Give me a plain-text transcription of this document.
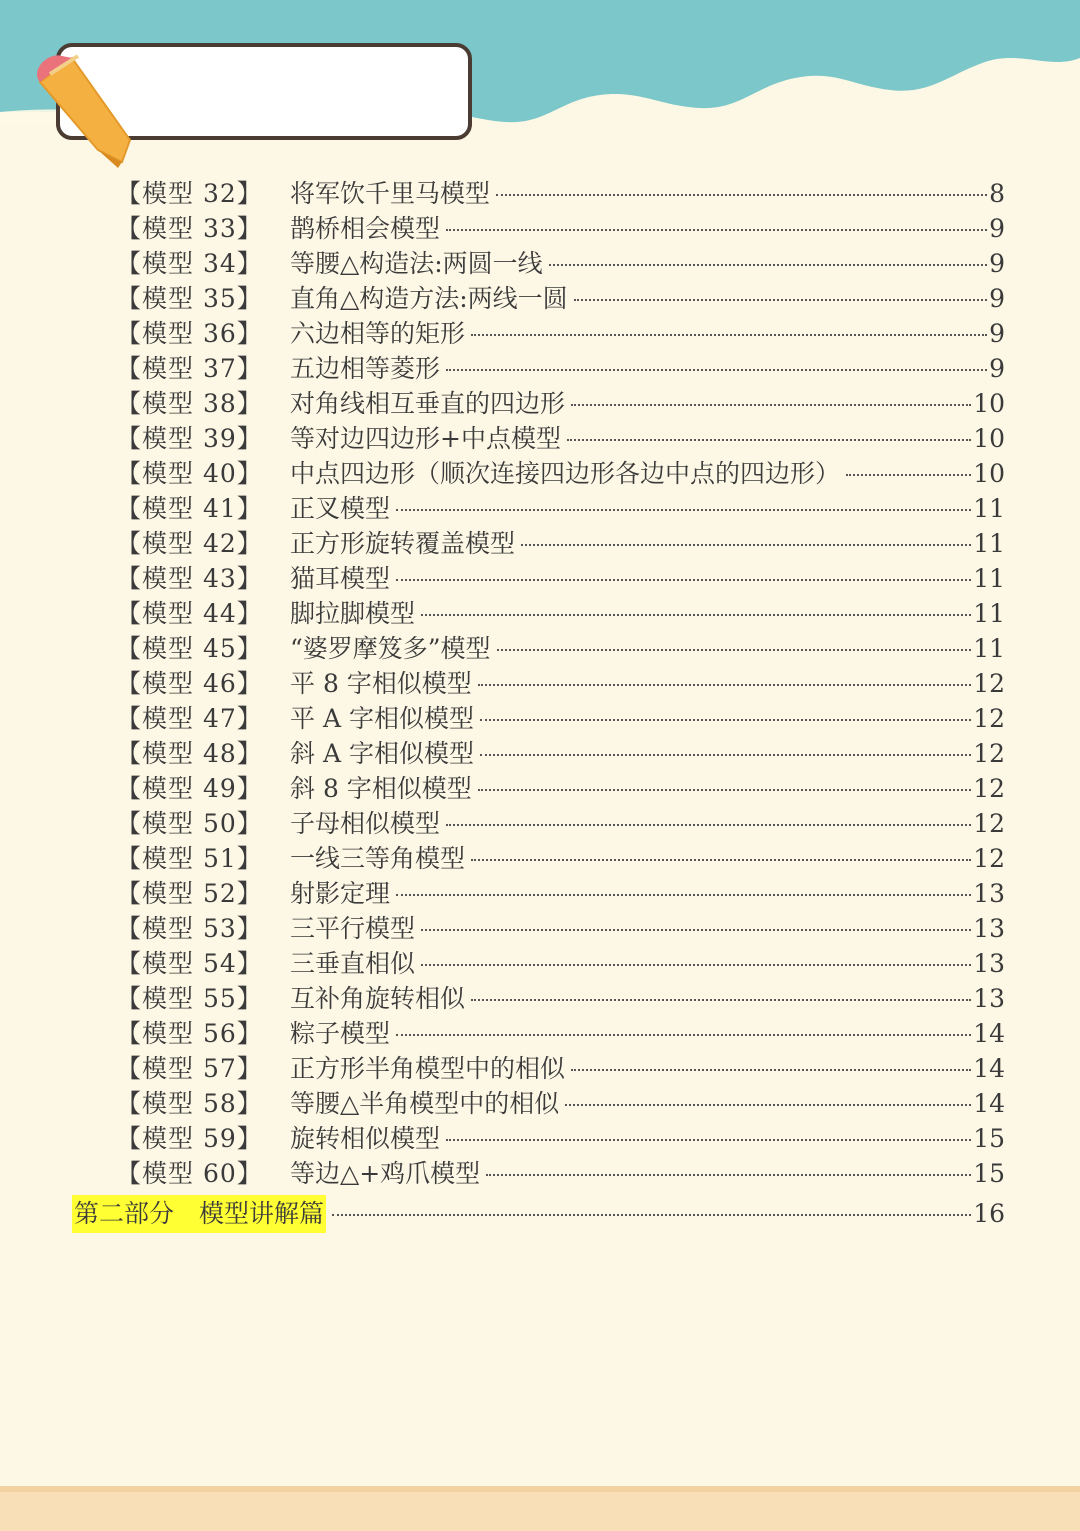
【模型 32】 将军饮千里马模型	8
【模型 33】 鹊桥相会模型	9
【模型 34】 等腰△构造法:两圆一线	9
【模型 35】 直角△构造方法:两线一圆	9
【模型 36】 六边相等的矩形	9
【模型 37】 五边相等菱形	9
【模型 38】 对角线相互垂直的四边形	10
【模型 39】 等对边四边形+中点模型	10
【模型 40】 中点四边形（顺次连接四边形各边中点的四边形）	10
【模型 41】 正叉模型	11
【模型 42】 正方形旋转覆盖模型	11
【模型 43】 猫耳模型	11
【模型 44】 脚拉脚模型	11
【模型 45】 “婆罗摩笈多”模型	11
【模型 46】 平 8 字相似模型	12
【模型 47】 平 A 字相似模型	12
【模型 48】 斜 A 字相似模型	12
【模型 49】 斜 8 字相似模型	12
【模型 50】 子母相似模型	12
【模型 51】 一线三等角模型	12
【模型 52】 射影定理	13
【模型 53】 三平行模型	13
【模型 54】 三垂直相似	13
【模型 55】 互补角旋转相似	13
【模型 56】 粽子模型	14
【模型 57】 正方形半角模型中的相似	14
【模型 58】 等腰△半角模型中的相似	14
【模型 59】 旋转相似模型	15
【模型 60】 等边△+鸡爪模型	15
第二部分　模型讲解篇	16
